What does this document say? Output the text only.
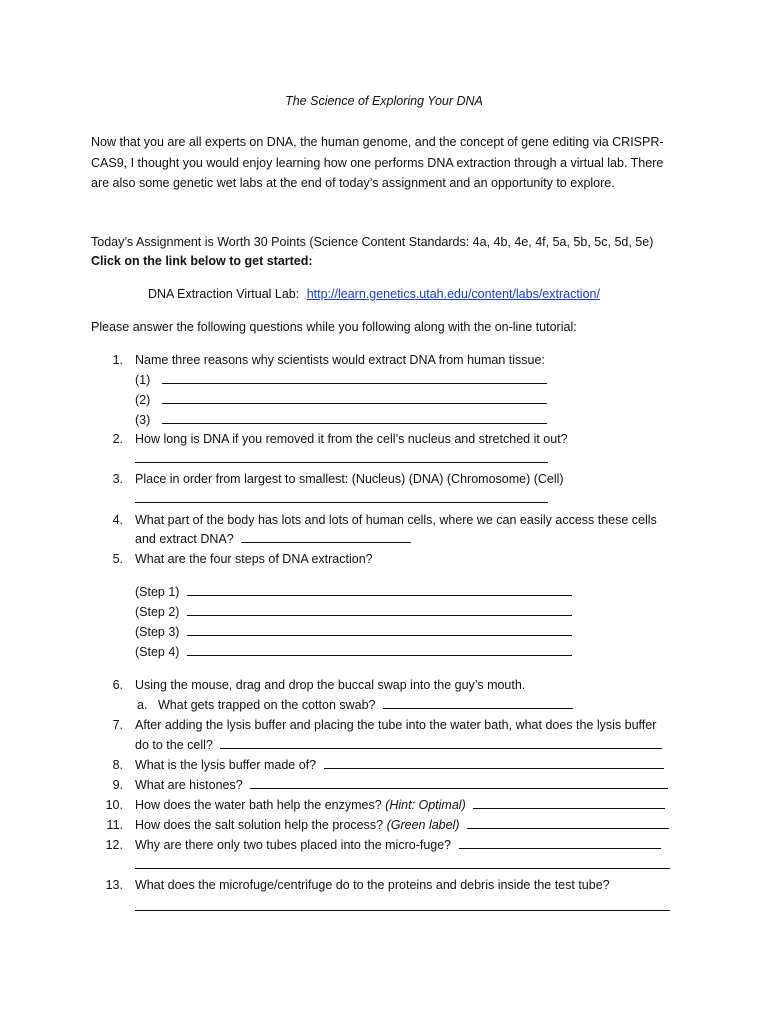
The Science of Exploring Your DNA
Now that you are all experts on DNA, the human genome, and the concept of gene editing via CRISPR-CAS9, I thought you would enjoy learning how one performs DNA extraction through a virtual lab. There are also some genetic wet labs at the end of today’s assignment and an opportunity to explore.
Today’s Assignment is Worth 30 Points (Science Content Standards: 4a, 4b, 4e, 4f, 5a, 5b, 5c, 5d, 5e)
Click on the link below to get started:
DNA Extraction Virtual Lab: http://learn.genetics.utah.edu/content/labs/extraction/
Please answer the following questions while you following along with the on-line tutorial:
1. Name three reasons why scientists would extract DNA from human tissue:
(1)
(2)
(3)
2. How long is DNA if you removed it from the cell’s nucleus and stretched it out?
3. Place in order from largest to smallest: (Nucleus) (DNA) (Chromosome) (Cell)
4. What part of the body has lots and lots of human cells, where we can easily access these cells
and extract DNA?
5. What are the four steps of DNA extraction?
(Step 1)
(Step 2)
(Step 3)
(Step 4)
6. Using the mouse, drag and drop the buccal swap into the guy’s mouth.
a. What gets trapped on the cotton swab?
7. After adding the lysis buffer and placing the tube into the water bath, what does the lysis buffer
do to the cell?
8. What is the lysis buffer made of?
9. What are histones?
10. How does the water bath help the enzymes? (Hint: Optimal)
11. How does the salt solution help the process? (Green label)
12. Why are there only two tubes placed into the micro-fuge?
13. What does the microfuge/centrifuge do to the proteins and debris inside the test tube?
